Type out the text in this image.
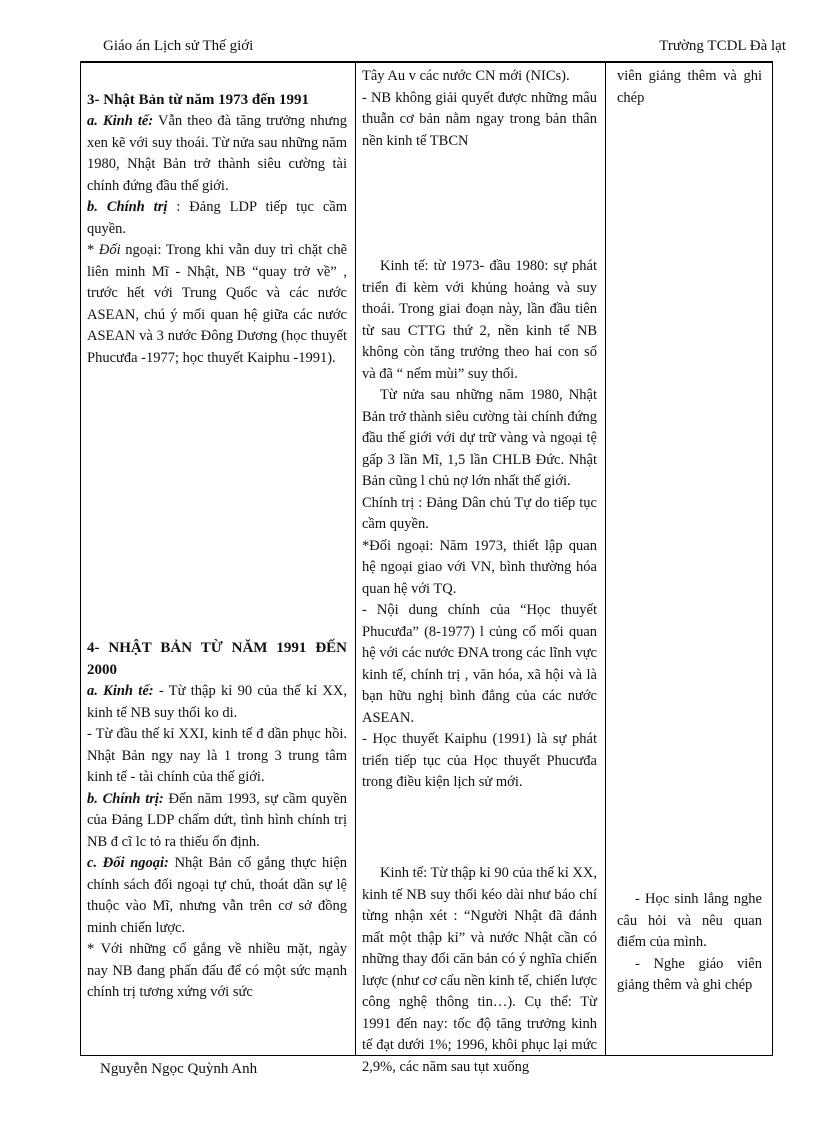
Giáo án Lịch sử Thế giới	Trường TCDL Đà lạt

3- Nhật Bản từ năm 1973 đến 1991

a. Kinh tế: Vẫn theo đà tăng trưởng nhưng xen kẽ với suy thoái. Từ nửa sau những năm 1980, Nhật Bản trở thành siêu cường tài chính đứng đầu thế giới.

b. Chính trị : Đảng LDP tiếp tục cầm quyền.

* Đối ngoại: Trong khi vẫn duy trì chặt chẽ liên minh Mĩ - Nhật, NB “quay trở về” , trước hết với Trung Quốc và các nước ASEAN, chú ý mối quan hệ giữa các nước ASEAN và 3 nước Đông Dương (học thuyết Phucưđa -1977; học thuyết Kaiphu -1991).

4- NHẬT BẢN TỪ NĂM 1991 ĐẾN 2000

a. Kinh tế: - Từ thập kỉ 90 của thế kỉ XX, kinh tế NB suy thối ko di.

- Từ đầu thế kỉ XXI, kinh tế đ dần phục hồi. Nhật Bản ngy nay là 1 trong 3 trung tâm kinh tế - tài chính của thế giới.

b. Chính trị: Đến năm 1993, sự cầm quyền của Đảng LDP chấm dứt, tình hình chính trị NB đ cĩ lc tỏ ra thiếu ổn định.

c. Đối ngoại: Nhật Bản cố gắng thực hiện chính sách đối ngoại tự chủ, thoát dần sự lệ thuộc vào Mĩ, nhưng vẫn trên cơ sở đồng minh chiến lược.

* Với những cố gắng về nhiều mặt, ngày nay NB đang phấn đấu để có một sức mạnh chính trị tương xứng với sức

Tây Au v các nước CN mới (NICs).

- NB không giải quyết được những mâu thuẫn cơ bản nằm ngay trong bản thân nền kinh tế TBCN

Kinh tế: từ 1973- đầu 1980: sự phát triển đi kèm với khủng hoảng và suy thoái. Trong giai đoạn này, lần đầu tiên từ sau CTTG thứ 2, nền kinh tế NB không còn tăng trưởng theo hai con số và đã “ nếm mùi” suy thối.

Từ nửa sau những năm 1980, Nhật Bản trở thành siêu cường tài chính đứng đầu thế giới với dự trữ vàng và ngoại tệ gấp 3 lần Mĩ, 1,5 lần CHLB Đức. Nhật Bản cũng l chủ nợ lớn nhất thế giới.

Chính trị : Đảng Dân chủ Tự do tiếp tục cầm quyền.

*Đối ngoại: Năm 1973, thiết lập quan hệ ngoại giao với VN, bình thường hóa quan hệ với TQ.

- Nội dung chính của “Học thuyết Phucưđa” (8-1977) l củng cố mối quan hệ với các nước ĐNA trong các lĩnh vực kinh tế, chính trị , văn hóa, xã hội và là bạn hữu nghị bình đẳng của các nước ASEAN.

- Học thuyết Kaiphu (1991) là sự phát triển tiếp tục của Học thuyết Phucưđa trong điều kiện lịch sử mới.

Kinh tế: Từ thập kỉ 90 của thế kỉ XX, kinh tế NB suy thối kéo dài như báo chí từng nhận xét : “Người Nhật đã đánh mất một thập kỉ” và nước Nhật cần có những thay đổi căn bản có ý nghĩa chiến lược (như cơ cấu nền kinh tế, chiến lược công nghệ thông tin…). Cụ thể: Từ 1991 đến nay: tốc độ tăng trưởng kinh tế đạt dưới 1%; 1996, khôi phục lại mức 2,9%, các năm sau tụt xuống

viên giảng thêm và ghi chép

- Học sinh lắng nghe câu hỏi và nêu quan điểm của mình.

- Nghe giáo viên giảng thêm và ghi chép

Nguyễn Ngọc Quỳnh Anh
